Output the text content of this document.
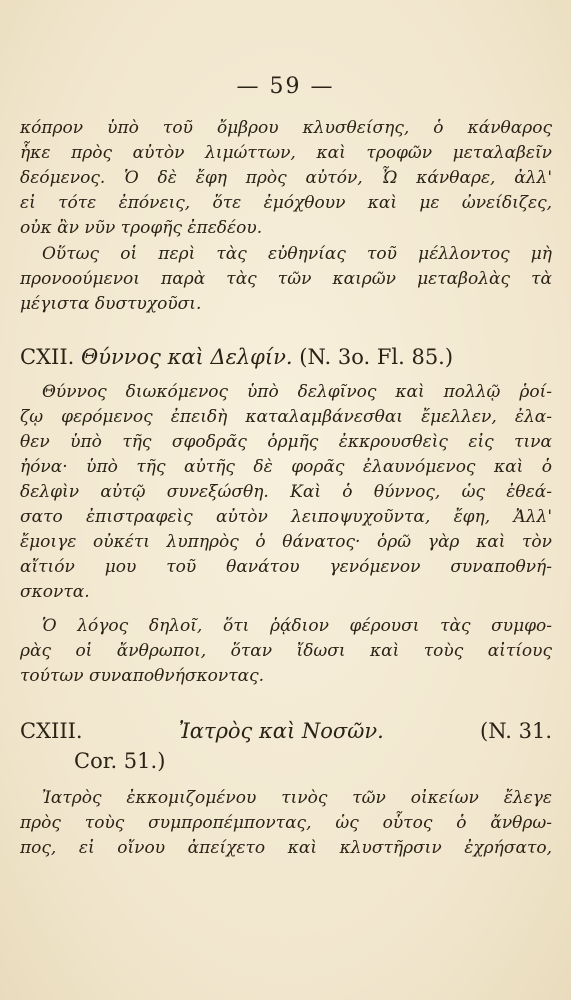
— 59 —
κόπρον ὑπὸ τοῦ ὄμβρου κλυσθείσης, ὁ κάνθαρος
ἧκε πρὸς αὐτὸν λιμώττων, καὶ τροφῶν μεταλαβεῖν
δεόμενος. Ὁ δὲ ἔφη πρὸς αὐτόν, Ὦ κάνθαρε, ἀλλ'
εἰ τότε ἐπόνεις, ὅτε ἐμόχθουν καὶ με ὠνείδιζες,
οὐκ ἂν νῦν τροφῆς ἐπεδέου.
Οὕτως οἱ περὶ τὰς εὐθηνίας τοῦ μέλλοντος μὴ
προνοούμενοι παρὰ τὰς τῶν καιρῶν μεταβολὰς τὰ
μέγιστα δυστυχοῦσι.
CXII. Θύννος καὶ Δελφίν. (N. 3o. Fl. 85.)
Θύννος διωκόμενος ὑπὸ δελφῖνος καὶ πολλῷ ῥοί-
ζῳ φερόμενος ἐπειδὴ καταλαμβάνεσθαι ἔμελλεν, ἐλα-
θεν ὑπὸ τῆς σφοδρᾶς ὁρμῆς ἐκκρουσθεὶς εἰς τινα
ἠόνα· ὑπὸ τῆς αὐτῆς δὲ φορᾶς ἐλαυνόμενος καὶ ὁ
δελφὶν αὐτῷ συνεξώσθη. Καὶ ὁ θύννος, ὡς ἐθεά-
σατο ἐπιστραφεὶς αὐτὸν λειποψυχοῦντα, ἔφη, Ἀλλ'
ἔμοιγε οὐκέτι λυπηρὸς ὁ θάνατος· ὁρῶ γὰρ καὶ τὸν
αἴτιόν μου τοῦ θανάτου γενόμενον συναποθνή-
σκοντα.
Ὁ λόγος δηλοῖ, ὅτι ῥᾴδιον φέρουσι τὰς συμφο-
ρὰς οἱ ἄνθρωποι, ὅταν ἴδωσι καὶ τοὺς αἰτίους
τούτων συναποθνήσκοντας.
CXIII.	Ἰατρὸς καὶ Νοσῶν.	(N. 31.
Cor. 51.)
Ἰατρὸς ἐκκομιζομένου τινὸς τῶν οἰκείων ἔλεγε
πρὸς τοὺς συμπροπέμποντας, ὡς οὗτος ὁ ἄνθρω-
πος, εἰ οἴνου ἀπείχετο καὶ κλυστῆρσιν ἐχρήσατο,
